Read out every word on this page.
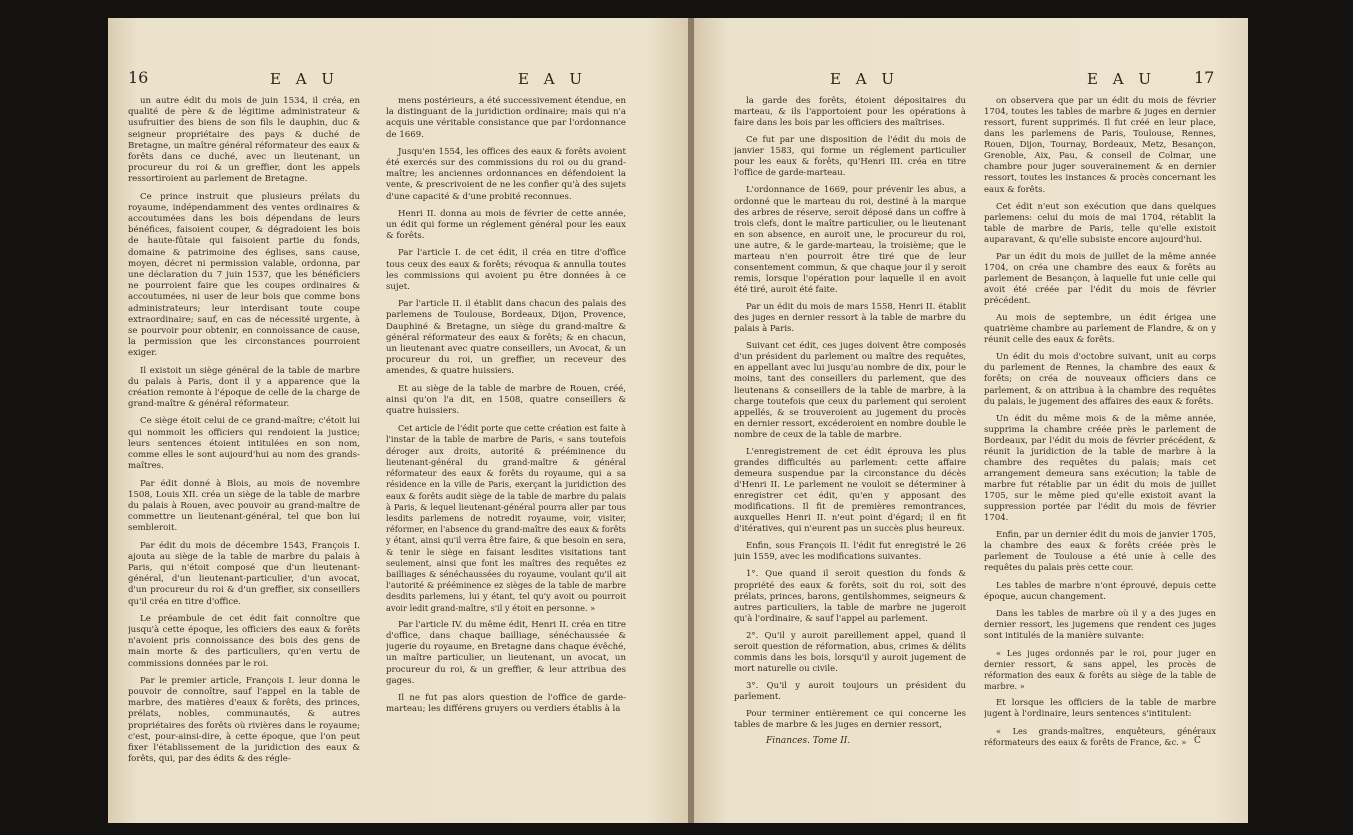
16	E A U	E A U

un autre édit du mois de juin 1534, il créa, en qualité de père & de légitime administrateur & usufruitier des biens de son fils le dauphin, duc & seigneur propriétaire des pays & duché de Bretagne, un maître général réformateur des eaux & forêts dans ce duché, avec un lieutenant, un procureur du roi & un greffier, dont les appels ressortiroient au parlement de Bretagne.

Ce prince instruit que plusieurs prélats du royaume, indépendamment des ventes ordinaires & accoutumées dans les bois dépendans de leurs bénéfices, faisoient couper, & dégradoient les bois de haute-fûtaie qui faisoient partie du fonds, domaine & patrimoine des églises, sans cause, moyen, décret ni permission valable, ordonna, par une déclaration du 7 juin 1537, que les bénéficiers ne pourroient faire que les coupes ordinaires & accoutumées, ni user de leur bois que comme bons administrateurs; leur interdisant toute coupe extraordinaire; sauf, en cas de nécessité urgente, à se pourvoir pour obtenir, en connoissance de cause, la permission que les circonstances pourroient exiger.

Il existoit un siège général de la table de marbre du palais à Paris, dont il y a apparence que la création remonte à l'époque de celle de la charge de grand-maître & général réformateur.

Ce siège étoit celui de ce grand-maître; c'étoit lui qui nommoit les officiers qui rendoient la justice; leurs sentences étoient intitulées en son nom, comme elles le sont aujourd'hui au nom des grands-maîtres.

Par édit donné à Blois, au mois de novembre 1508, Louis XII. créa un siège de la table de marbre du palais à Rouen, avec pouvoir au grand-maître de commettre un lieutenant-général, tel que bon lui sembleroit.

Par édit du mois de décembre 1543, François I. ajouta au siège de la table de marbre du palais à Paris, qui n'étoit composé que d'un lieutenant-général, d'un lieutenant-particulier, d'un avocat, d'un procureur du roi & d'un greffier, six conseillers qu'il créa en titre d'office.

Le préambule de cet édit fait connoître que jusqu'à cette époque, les officiers des eaux & forêts n'avoient pris connoissance des bois des gens de main morte & des particuliers, qu'en vertu de commissions données par le roi.

Par le premier article, François I. leur donna le pouvoir de connoître, sauf l'appel en la table de marbre, des matières d'eaux & forêts, des princes, prélats, nobles, communautés, & autres propriétaires des forêts où rivières dans le royaume; c'est, pour-ainsi-dire, à cette époque, que l'on peut fixer l'établissement de la juridiction des eaux & forêts, qui, par des édits & des régle-

mens postérieurs, a été successivement étendue, en la distinguant de la juridiction ordinaire; mais qui n'a acquis une véritable consistance que par l'ordonnance de 1669.

Jusqu'en 1554, les offices des eaux & forêts avoient été exercés sur des commissions du roi ou du grand-maître; les anciennes ordonnances en défendoient la vente, & prescrivoient de ne les confier qu'à des sujets d'une capacité & d'une probité reconnues.

Henri II. donna au mois de février de cette année, un édit qui forme un réglement général pour les eaux & forêts.

Par l'article I. de cet édit, il créa en titre d'office tous ceux des eaux & forêts; révoqua & annulla toutes les commissions qui avoient pu être données à ce sujet.

Par l'article II. il établit dans chacun des palais des parlemens de Toulouse, Bordeaux, Dijon, Provence, Dauphiné & Bretagne, un siège du grand-maître & général réformateur des eaux & forêts; & en chacun, un lieutenant avec quatre conseillers, un Avocat, & un procureur du roi, un greffier, un receveur des amendes, & quatre huissiers.

Et au siège de la table de marbre de Rouen, créé, ainsi qu'on l'a dit, en 1508, quatre conseillers & quatre huissiers.

Cet article de l'édit porte que cette création est faite à l'instar de la table de marbre de Paris, « sans toutefois déroger aux droits, autorité & prééminence du lieutenant-général du grand-maître & général réformateur des eaux & forêts du royaume, qui a sa résidence en la ville de Paris, exerçant la juridiction des eaux & forêts audit siège de la table de marbre du palais à Paris, & lequel lieutenant-général pourra aller par tous lesdits parlemens de notredit royaume, voir, visiter, réformer, en l'absence du grand-maître des eaux & forêts y étant, ainsi qu'il verra être faire, & que besoin en sera, & tenir le siège en faisant lesdites visitations tant seulement, ainsi que font les maîtres des requêtes ez bailliages & sénéchaussées du royaume, voulant qu'il ait l'autorité & prééminence ez sièges de la table de marbre desdits parlemens, lui y étant, tel qu'y avoit ou pourroit avoir ledit grand-maître, s'il y étoit en personne. »

Par l'article IV. du même édit, Henri II. créa en titre d'office, dans chaque bailliage, sénéchaussée & jugerie du royaume, en Bretagne dans chaque évêché, un maître particulier, un lieutenant, un avocat, un procureur du roi, & un greffier, & leur attribua des gages.

Il ne fut pas alors question de l'office de garde-marteau; les différens gruyers ou verdiers établis à la

E A U	E A U 17

la garde des forêts, étoient dépositaires du marteau, & ils l'apportoient pour les opérations à faire dans les bois par les officiers des maîtrises.

Ce fut par une disposition de l'édit du mois de janvier 1583, qui forme un réglement particulier pour les eaux & forêts, qu'Henri III. créa en titre l'office de garde-marteau.

L'ordonnance de 1669, pour prévenir les abus, a ordonné que le marteau du roi, destiné à la marque des arbres de réserve, seroit déposé dans un coffre à trois clefs, dont le maître particulier, ou le lieutenant en son absence, en auroit une, le procureur du roi, une autre, & le garde-marteau, la troisième; que le marteau n'en pourroit être tiré que de leur consentement commun, & que chaque jour il y seroit remis, lorsque l'opération pour laquelle il en avoit été tiré, auroit été faite.

Par un édit du mois de mars 1558, Henri II. établit des juges en dernier ressort à la table de marbre du palais à Paris.

Suivant cet édit, ces juges doivent être composés d'un président du parlement ou maître des requêtes, en appellant avec lui jusqu'au nombre de dix, pour le moins, tant des conseillers du parlement, que des lieutenans & conseillers de la table de marbre, à la charge toutefois que ceux du parlement qui seroient appellés, & se trouveroient au jugement du procès en dernier ressort, excéderoient en nombre double le nombre de ceux de la table de marbre.

L'enregistrement de cet édit éprouva les plus grandes difficultés au parlement: cette affaire demeura suspendue par la circonstance du décès d'Henri II. Le parlement ne vouloit se déterminer à enregistrer cet édit, qu'en y apposant des modifications. Il fit de premières remontrances, auxquelles Henri II. n'eut point d'égard; il en fit d'itératives, qui n'eurent pas un succès plus heureux.

Enfin, sous François II. l'édit fut enregistré le 26 juin 1559, avec les modifications suivantes.

1°. Que quand il seroit question du fonds & propriété des eaux & forêts, soit du roi, soit des prélats, princes, barons, gentilshommes, seigneurs & autres particuliers, la table de marbre ne jugeroit qu'à l'ordinaire, & sauf l'appel au parlement.

2°. Qu'il y auroit pareillement appel, quand il seroit question de réformation, abus, crimes & délits commis dans les bois, lorsqu'il y auroit jugement de mort naturelle ou civile.

3°. Qu'il y auroit toujours un président du parlement.

Pour terminer entièrement ce qui concerne les tables de marbre & les juges en dernier ressort,

on observera que par un édit du mois de février 1704, toutes les tables de marbre & juges en dernier ressort, furent supprimés. Il fut créé en leur place, dans les parlemens de Paris, Toulouse, Rennes, Rouen, Dijon, Tournay, Bordeaux, Metz, Besançon, Grenoble, Aix, Pau, & conseil de Colmar, une chambre pour juger souverainement & en dernier ressort, toutes les instances & procès concernant les eaux & forêts.

Cet édit n'eut son exécution que dans quelques parlemens: celui du mois de mai 1704, rétablit la table de marbre de Paris, telle qu'elle existoit auparavant, & qu'elle subsiste encore aujourd'hui.

Par un édit du mois de juillet de la même année 1704, on créa une chambre des eaux & forêts au parlement de Besançon, à laquelle fut unie celle qui avoit été créée par l'édit du mois de février précédent.

Au mois de septembre, un édit érigea une quatrième chambre au parlement de Flandre, & on y réunit celle des eaux & forêts.

Un édit du mois d'octobre suivant, unit au corps du parlement de Rennes, la chambre des eaux & forêts; on créa de nouveaux officiers dans ce parlement, & on attribua à la chambre des requêtes du palais, le jugement des affaires des eaux & forêts.

Un édit du même mois & de la même année, supprima la chambre créée près le parlement de Bordeaux, par l'édit du mois de février précédent, & réunit la juridiction de la table de marbre à la chambre des requêtes du palais; mais cet arrangement demeura sans exécution; la table de marbre fut rétablie par un édit du mois de juillet 1705, sur le même pied qu'elle existoit avant la suppression portée par l'édit du mois de février 1704.

Enfin, par un dernier édit du mois de janvier 1705, la chambre des eaux & forêts créée près le parlement de Toulouse a été unie à celle des requêtes du palais près cette cour.

Les tables de marbre n'ont éprouvé, depuis cette époque, aucun changement.

Dans les tables de marbre où il y a des juges en dernier ressort, les jugemens que rendent ces juges sont intitulés de la manière suivante:

« Les juges ordonnés par le roi, pour juger en dernier ressort, & sans appel, les procès de réformation des eaux & forêts au siège de la table de marbre. »

Et lorsque les officiers de la table de marbre jugent à l'ordinaire, leurs sentences s'intitulent:

« Les grands-maîtres, enquêteurs, généraux réformateurs des eaux & forêts de France, &c. »

Finances. Tome II.	C
